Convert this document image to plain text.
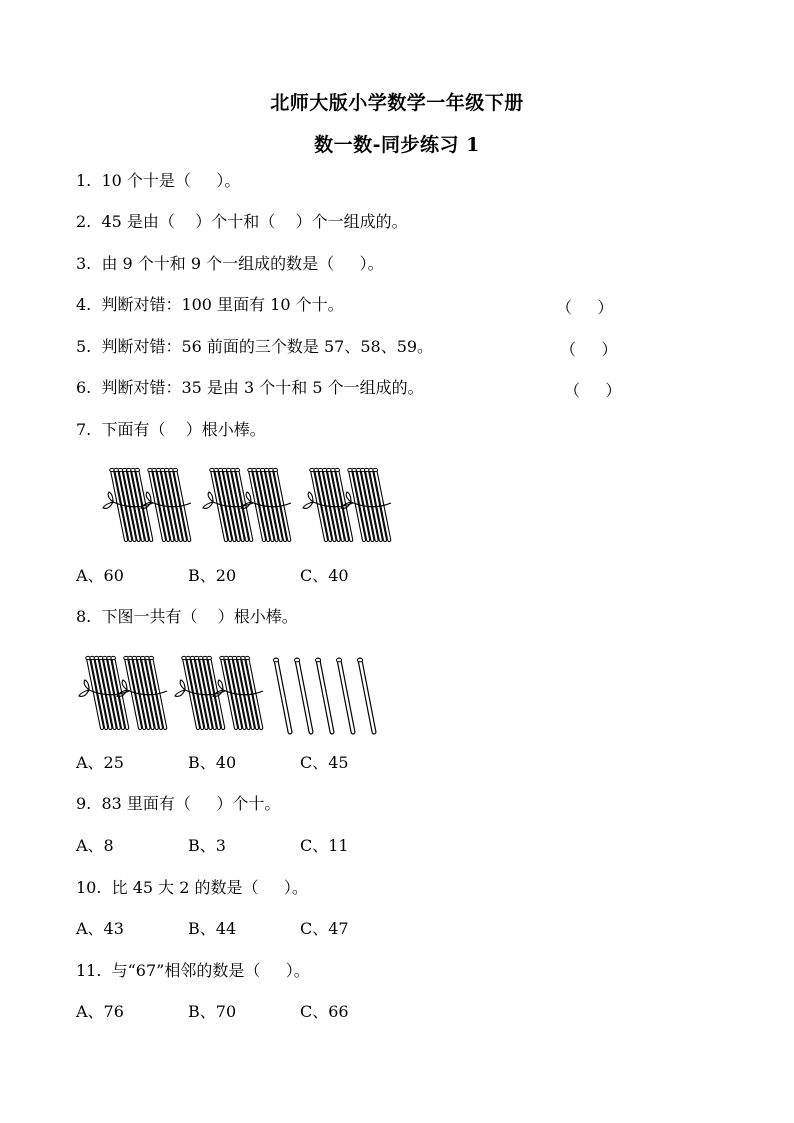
北师大版小学数学一年级下册
数一数-同步练习 1
1.  10 个十是（     ）。
2.  45 是由（    ）个十和（    ）个一组成的。
3.  由 9 个十和 9 个一组成的数是（     ）。
4.  判断对错：100 里面有 10 个十。	（     ）
5.  判断对错：56 前面的三个数是 57、58、59。	（     ）
6.  判断对错：35 是由 3 个十和 5 个一组成的。	（     ）
7.  下面有（    ）根小棒。
A、60	B、20	C、40
8.  下图一共有（    ）根小棒。
A、25	B、40	C、45
9.  83 里面有（     ）个十。
A、8	B、3	C、11
10.  比 45 大 2 的数是（     ）。
A、43	B、44	C、47
11.  与“67”相邻的数是（     ）。
A、76	B、70	C、66
